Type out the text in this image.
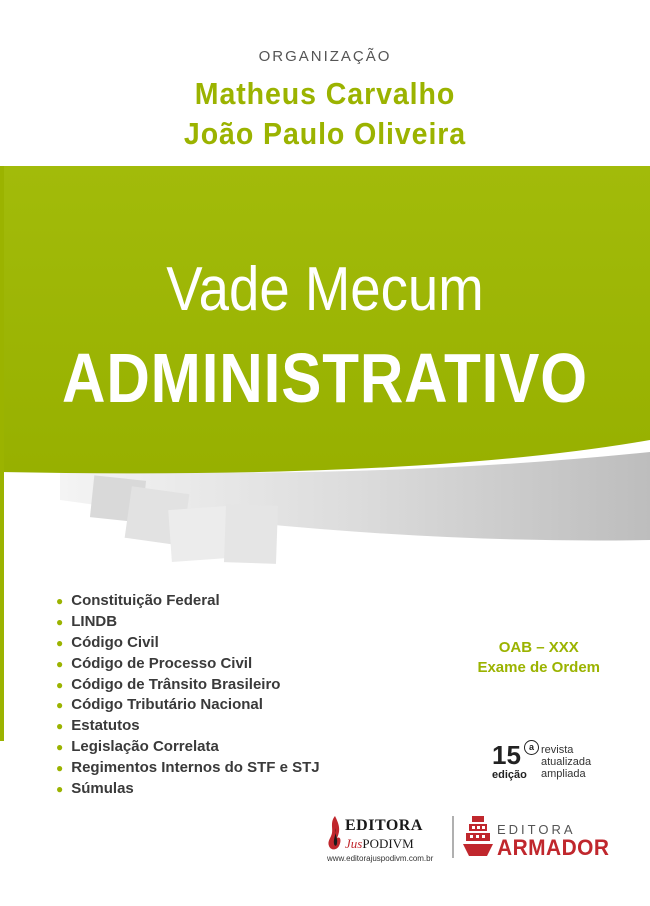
ORGANIZAÇÃO
Matheus Carvalho
João Paulo Oliveira
Vade Mecum
ADMINISTRATIVO
● Constituição Federal
● LINDB
● Código Civil
● Código de Processo Civil
● Código de Trânsito Brasileiro
● Código Tributário Nacional
● Estatutos
● Legislação Correlata
● Regimentos Internos do STF e STJ
● Súmulas
OAB – XXX
Exame de Ordem
15 a
edição
revista
atualizada
ampliada
EDITORA
JusPODIVM
www.editorajuspodivm.com.br
EDITORA
ARMADOR
